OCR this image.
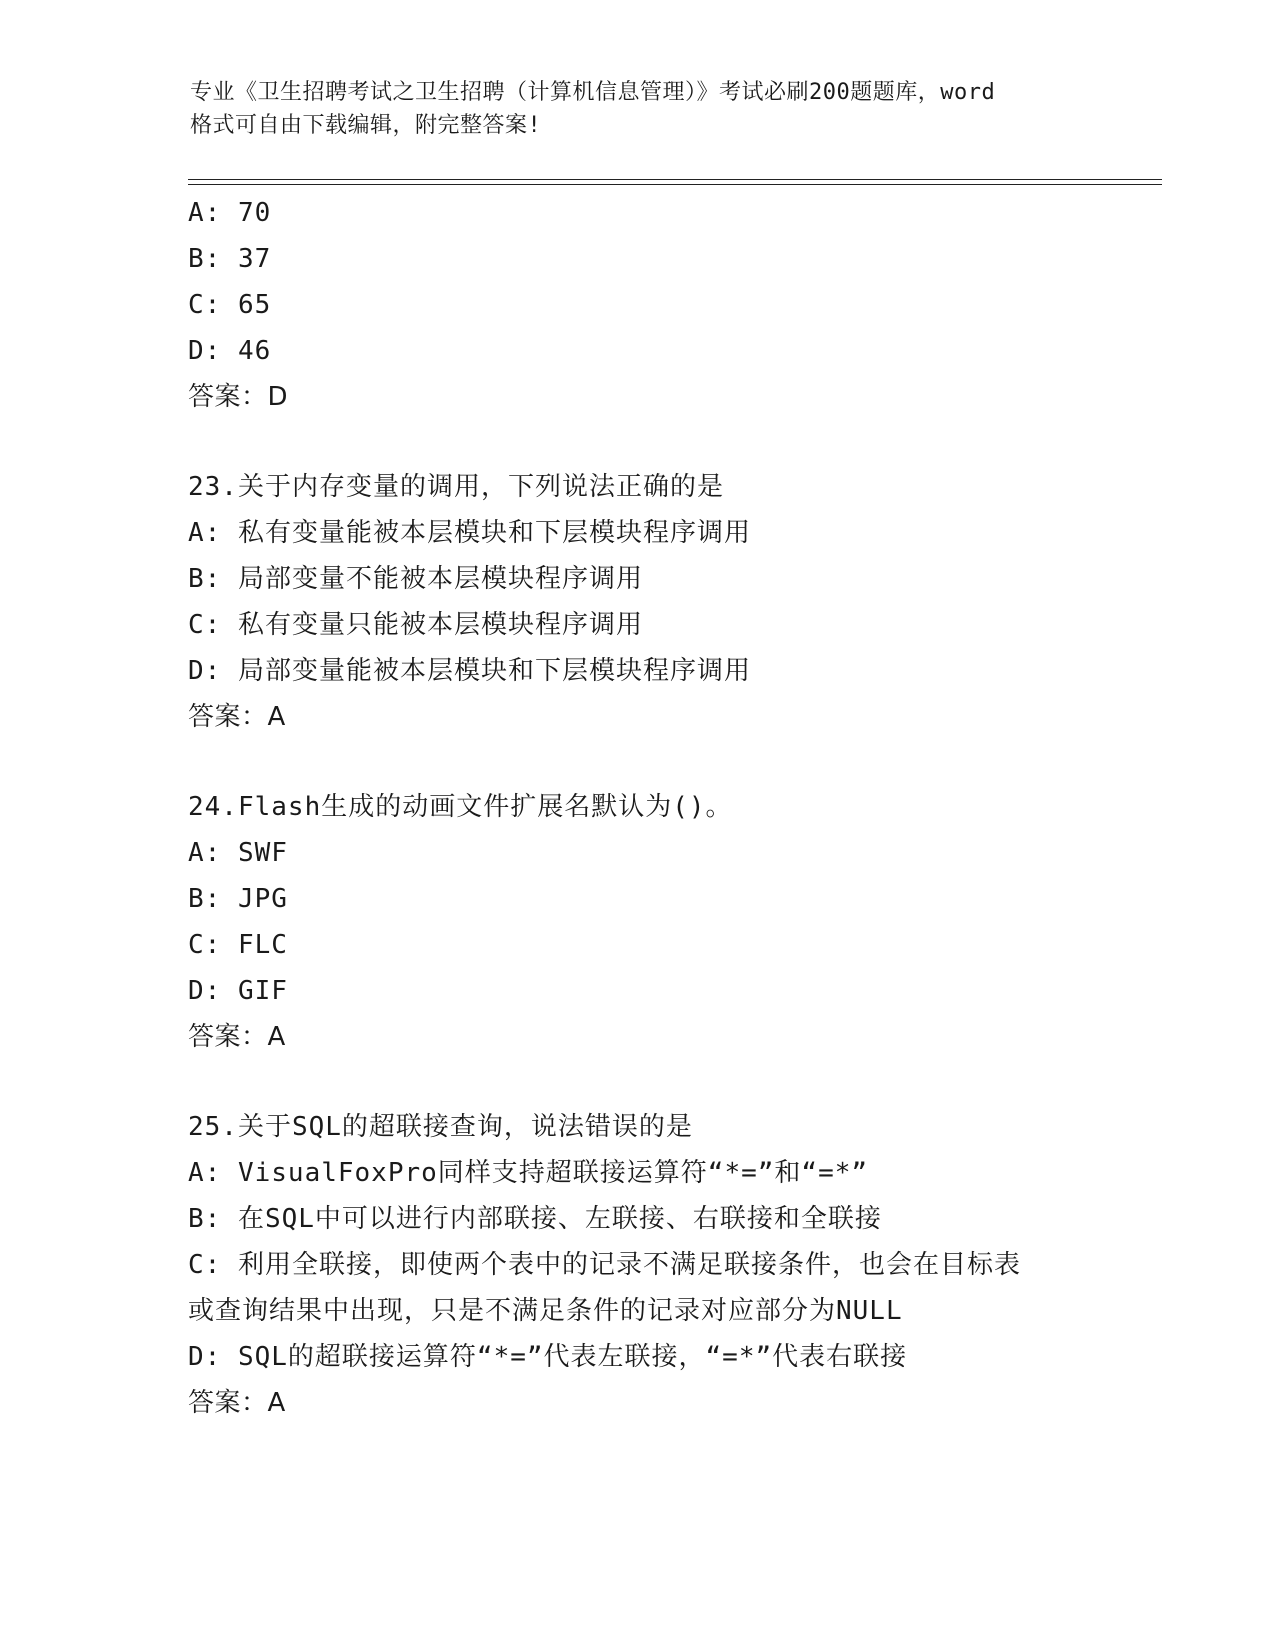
专业《卫生招聘考试之卫生招聘（计算机信息管理）》考试必刷200题题库，word
格式可自由下载编辑，附完整答案!
A: 70
B: 37
C: 65
D: 46
答案：D
23.关于内存变量的调用，下列说法正确的是
A: 私有变量能被本层模块和下层模块程序调用
B: 局部变量不能被本层模块程序调用
C: 私有变量只能被本层模块程序调用
D: 局部变量能被本层模块和下层模块程序调用
答案：A
24.Flash生成的动画文件扩展名默认为()。
A: SWF
B: JPG
C: FLC
D: GIF
答案：A
25.关于SQL的超联接查询，说法错误的是
A: VisualFoxPro同样支持超联接运算符“*=”和“=*”
B: 在SQL中可以进行内部联接、左联接、右联接和全联接
C: 利用全联接，即使两个表中的记录不满足联接条件，也会在目标表
或查询结果中出现，只是不满足条件的记录对应部分为NULL
D: SQL的超联接运算符“*=”代表左联接，“=*”代表右联接
答案：A
